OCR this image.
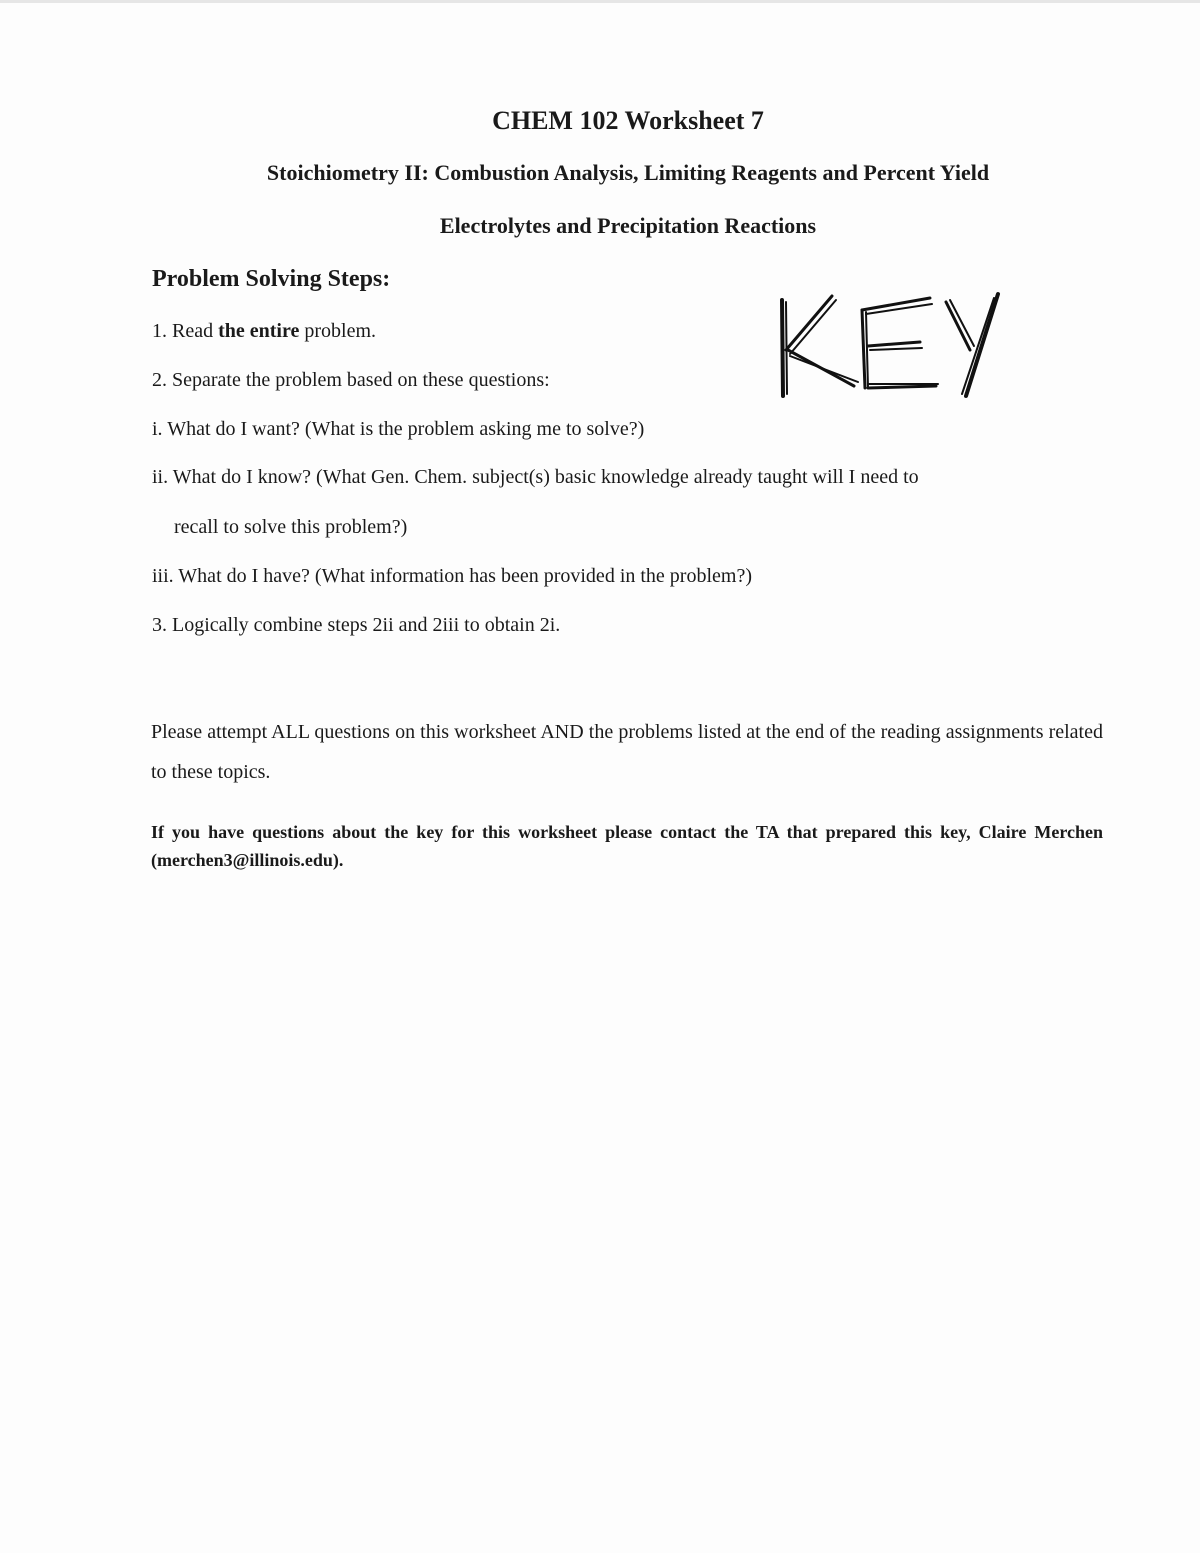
CHEM 102 Worksheet 7
Stoichiometry II: Combustion Analysis, Limiting Reagents and Percent Yield
Electrolytes and Precipitation Reactions
Problem Solving Steps:
1. Read the entire problem.
2. Separate the problem based on these questions:
i. What do I want? (What is the problem asking me to solve?)
ii. What do I know? (What Gen. Chem. subject(s) basic knowledge already taught will I need to
recall to solve this problem?)
iii. What do I have? (What information has been provided in the problem?)
3. Logically combine steps 2ii and 2iii to obtain 2i.
Please attempt ALL questions on this worksheet AND the problems listed at the end of the reading assignments related to these topics.
If you have questions about the key for this worksheet please contact the TA that prepared this key, Claire Merchen (merchen3@illinois.edu).
